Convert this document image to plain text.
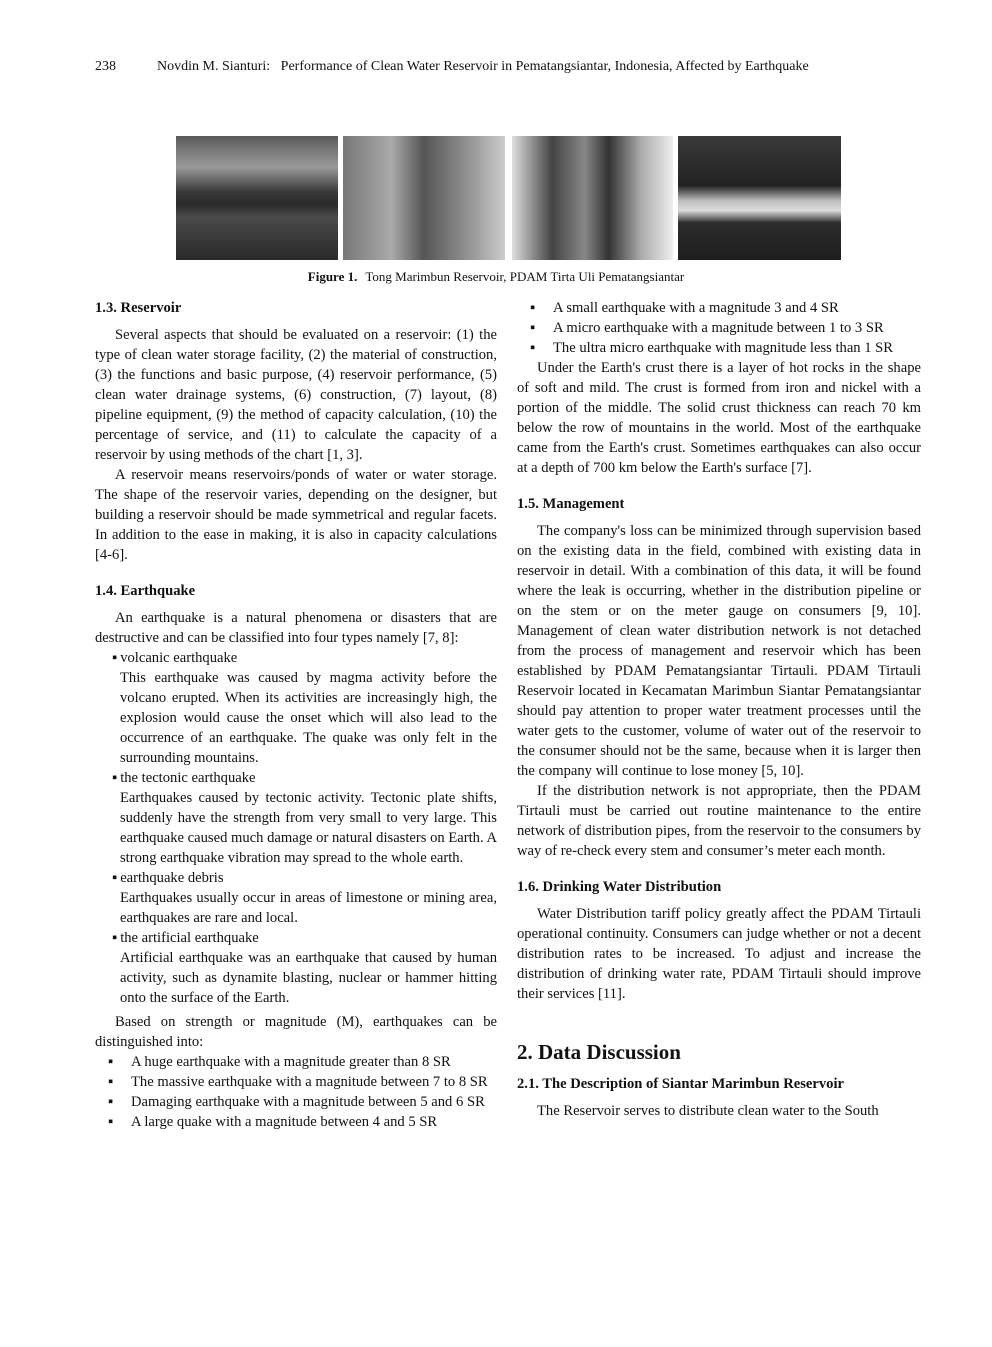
238	Novdin M. Sianturi: Performance of Clean Water Reservoir in Pematangsiantar, Indonesia, Affected by Earthquake
Figure 1. Tong Marimbun Reservoir, PDAM Tirta Uli Pematangsiantar
1.3. Reservoir

Several aspects that should be evaluated on a reservoir: (1) the type of clean water storage facility, (2) the material of construction, (3) the functions and basic purpose, (4) reservoir performance, (5) clean water drainage systems, (6) construction, (7) layout, (8) pipeline equipment, (9) the method of capacity calculation, (10) the percentage of service, and (11) to calculate the capacity of a reservoir by using methods of the chart [1, 3].

A reservoir means reservoirs/ponds of water or water storage. The shape of the reservoir varies, depending on the designer, but building a reservoir should be made symmetrical and regular facets. In addition to the ease in making, it is also in capacity calculations [4-6].

1.4. Earthquake

An earthquake is a natural phenomena or disasters that are destructive and can be classified into four types namely [7, 8]:

▪ volcanic earthquake

This earthquake was caused by magma activity before the volcano erupted. When its activities are increasingly high, the explosion would cause the onset which will also lead to the occurrence of an earthquake. The quake was only felt in the surrounding mountains.

▪ the tectonic earthquake

Earthquakes caused by tectonic activity. Tectonic plate shifts, suddenly have the strength from very small to very large. This earthquake caused much damage or natural disasters on Earth. A strong earthquake vibration may spread to the whole earth.

▪ earthquake debris

Earthquakes usually occur in areas of limestone or mining area, earthquakes are rare and local.

▪ the artificial earthquake

Artificial earthquake was an earthquake that caused by human activity, such as dynamite blasting, nuclear or hammer hitting onto the surface of the Earth.

Based on strength or magnitude (M), earthquakes can be distinguished into:

▪ A huge earthquake with a magnitude greater than 8 SR
▪ The massive earthquake with a magnitude between 7 to 8 SR
▪ Damaging earthquake with a magnitude between 5 and 6 SR
▪ A large quake with a magnitude between 4 and 5 SR
▪ A small earthquake with a magnitude 3 and 4 SR
▪ A micro earthquake with a magnitude between 1 to 3 SR
▪ The ultra micro earthquake with magnitude less than 1 SR

Under the Earth's crust there is a layer of hot rocks in the shape of soft and mild. The crust is formed from iron and nickel with a portion of the middle. The solid crust thickness can reach 70 km below the row of mountains in the world. Most of the earthquake came from the Earth's crust. Sometimes earthquakes can also occur at a depth of 700 km below the Earth's surface [7].

1.5. Management

The company's loss can be minimized through supervision based on the existing data in the field, combined with existing data in reservoir in detail. With a combination of this data, it will be found where the leak is occurring, whether in the distribution pipeline or on the stem or on the meter gauge on consumers [9, 10]. Management of clean water distribution network is not detached from the process of management and reservoir which has been established by PDAM Pematangsiantar Tirtauli. PDAM Tirtauli Reservoir located in Kecamatan Marimbun Siantar Pematangsiantar should pay attention to proper water treatment processes until the water gets to the customer, volume of water out of the reservoir to the consumer should not be the same, because when it is larger then the company will continue to lose money [5, 10].

If the distribution network is not appropriate, then the PDAM Tirtauli must be carried out routine maintenance to the entire network of distribution pipes, from the reservoir to the consumers by way of re-check every stem and consumer’s meter each month.

1.6. Drinking Water Distribution

Water Distribution tariff policy greatly affect the PDAM Tirtauli operational continuity. Consumers can judge whether or not a decent distribution rates to be increased. To adjust and increase the distribution of drinking water rate, PDAM Tirtauli should improve their services [11].

2. Data Discussion
2.1. The Description of Siantar Marimbun Reservoir

The Reservoir serves to distribute clean water to the South
